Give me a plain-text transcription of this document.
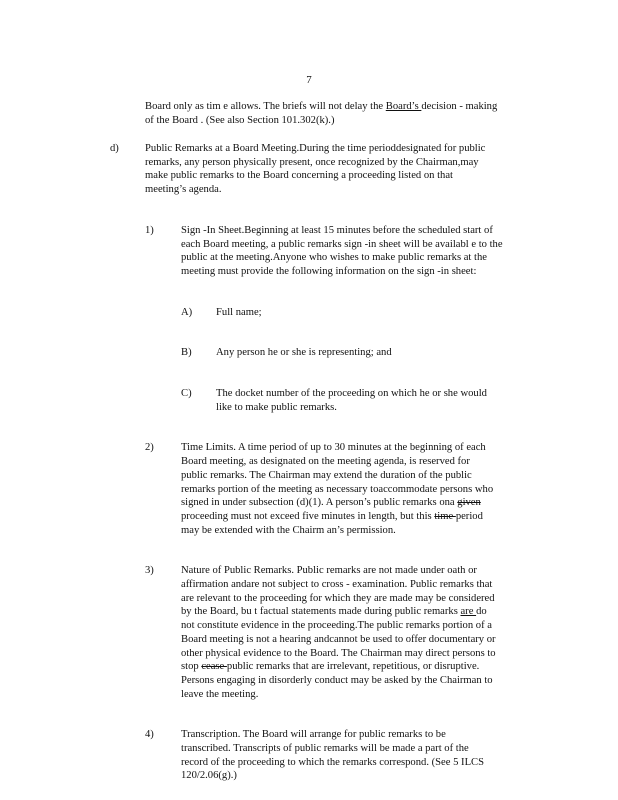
7
Board only as tim e allows. The briefs will not delay the Board’s decision - making
of the Board . (See also Section 101.302(k).)
d) Public Remarks at a Board Meeting.During the time perioddesignated for public
remarks, any person physically present, once recognized by the Chairman,may
make public remarks to the Board concerning a proceeding listed on that
meeting’s agenda.
1)	Sign -In Sheet.Beginning at least 15 minutes before the scheduled start of
each Board meeting, a public remarks sign -in sheet will be availabl e to the
public at the meeting.Anyone who wishes to make public remarks at the
meeting must provide the following information on the sign -in sheet:
A) Full name;
B) Any person he or she is representing; and
C) The docket number of the proceeding on which he or she would
like to make public remarks.
2)	Time Limits. A time period of up to 30 minutes at the beginning of each
Board meeting, as designated on the meeting agenda, is reserved for
public remarks. The Chairman may extend the duration of the public
remarks portion of the meeting as necessary toaccommodate persons who
signed in under subsection (d)(1). A person’s public remarks ona given
proceeding must not exceed five minutes in length, but this time period
may be extended with the Chairm an’s permission.
3)	Nature of Public Remarks. Public remarks are not made under oath or
affirmation andare not subject to cross - examination. Public remarks that
are relevant to the proceeding for which they are made may be considered
by the Board, bu t factual statements made during public remarks are do
not constitute evidence in the proceeding.The public remarks portion of a
Board meeting is not a hearing andcannot be used to offer documentary or
other physical evidence to the Board. The Chairman may direct persons to
stop cease public remarks that are irrelevant, repetitious, or disruptive.
Persons engaging in disorderly conduct may be asked by the Chairman to
leave the meeting.
4)	Transcription. The Board will arrange for public remarks to be
transcribed. Transcripts of public remarks will be made a part of the
record of the proceeding to which the remarks correspond. (See 5 ILCS
120/2.06(g).)
